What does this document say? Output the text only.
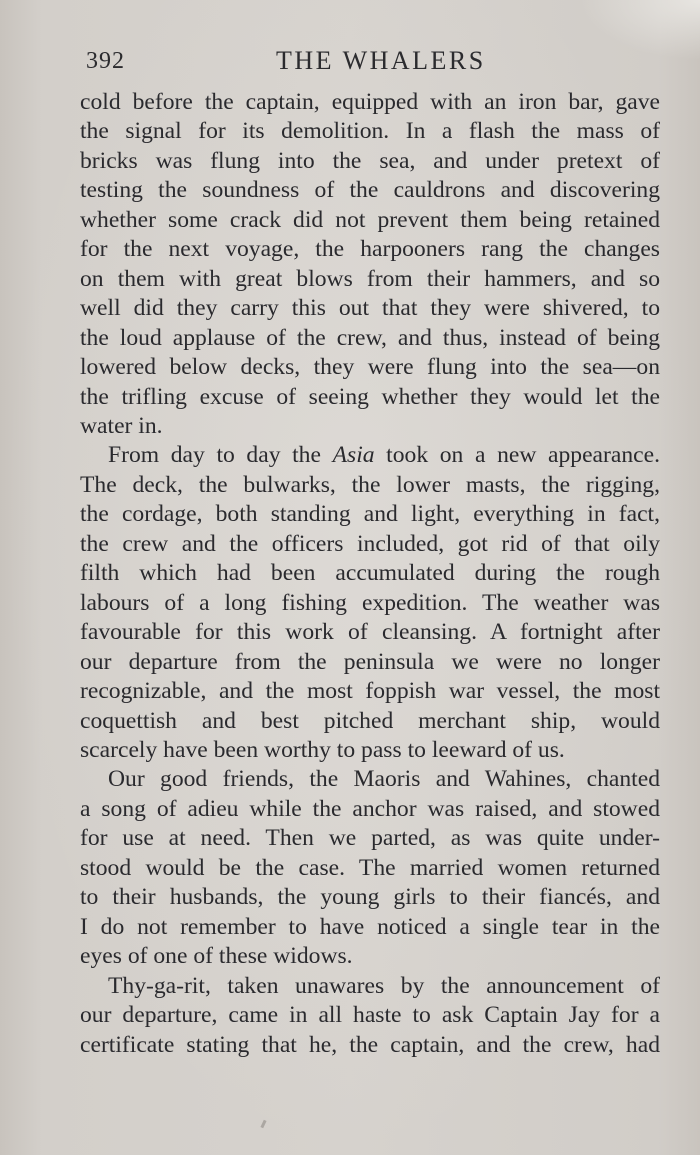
392	THE WHALERS
cold before the captain, equipped with an iron bar, gave
the signal for its demolition. In a flash the mass of
bricks was flung into the sea, and under pretext of
testing the soundness of the cauldrons and discovering
whether some crack did not prevent them being retained
for the next voyage, the harpooners rang the changes
on them with great blows from their hammers, and so
well did they carry this out that they were shivered, to
the loud applause of the crew, and thus, instead of being
lowered below decks, they were flung into the sea—on
the trifling excuse of seeing whether they would let the
water in.
From day to day the Asia took on a new appearance.
The deck, the bulwarks, the lower masts, the rigging,
the cordage, both standing and light, everything in fact,
the crew and the officers included, got rid of that oily
filth which had been accumulated during the rough
labours of a long fishing expedition. The weather was
favourable for this work of cleansing. A fortnight after
our departure from the peninsula we were no longer
recognizable, and the most foppish war vessel, the most
coquettish and best pitched merchant ship, would
scarcely have been worthy to pass to leeward of us.
Our good friends, the Maoris and Wahines, chanted
a song of adieu while the anchor was raised, and stowed
for use at need. Then we parted, as was quite under-
stood would be the case. The married women returned
to their husbands, the young girls to their fiancés, and
I do not remember to have noticed a single tear in the
eyes of one of these widows.
Thy-ga-rit, taken unawares by the announcement of
our departure, came in all haste to ask Captain Jay for a
certificate stating that he, the captain, and the crew, had
